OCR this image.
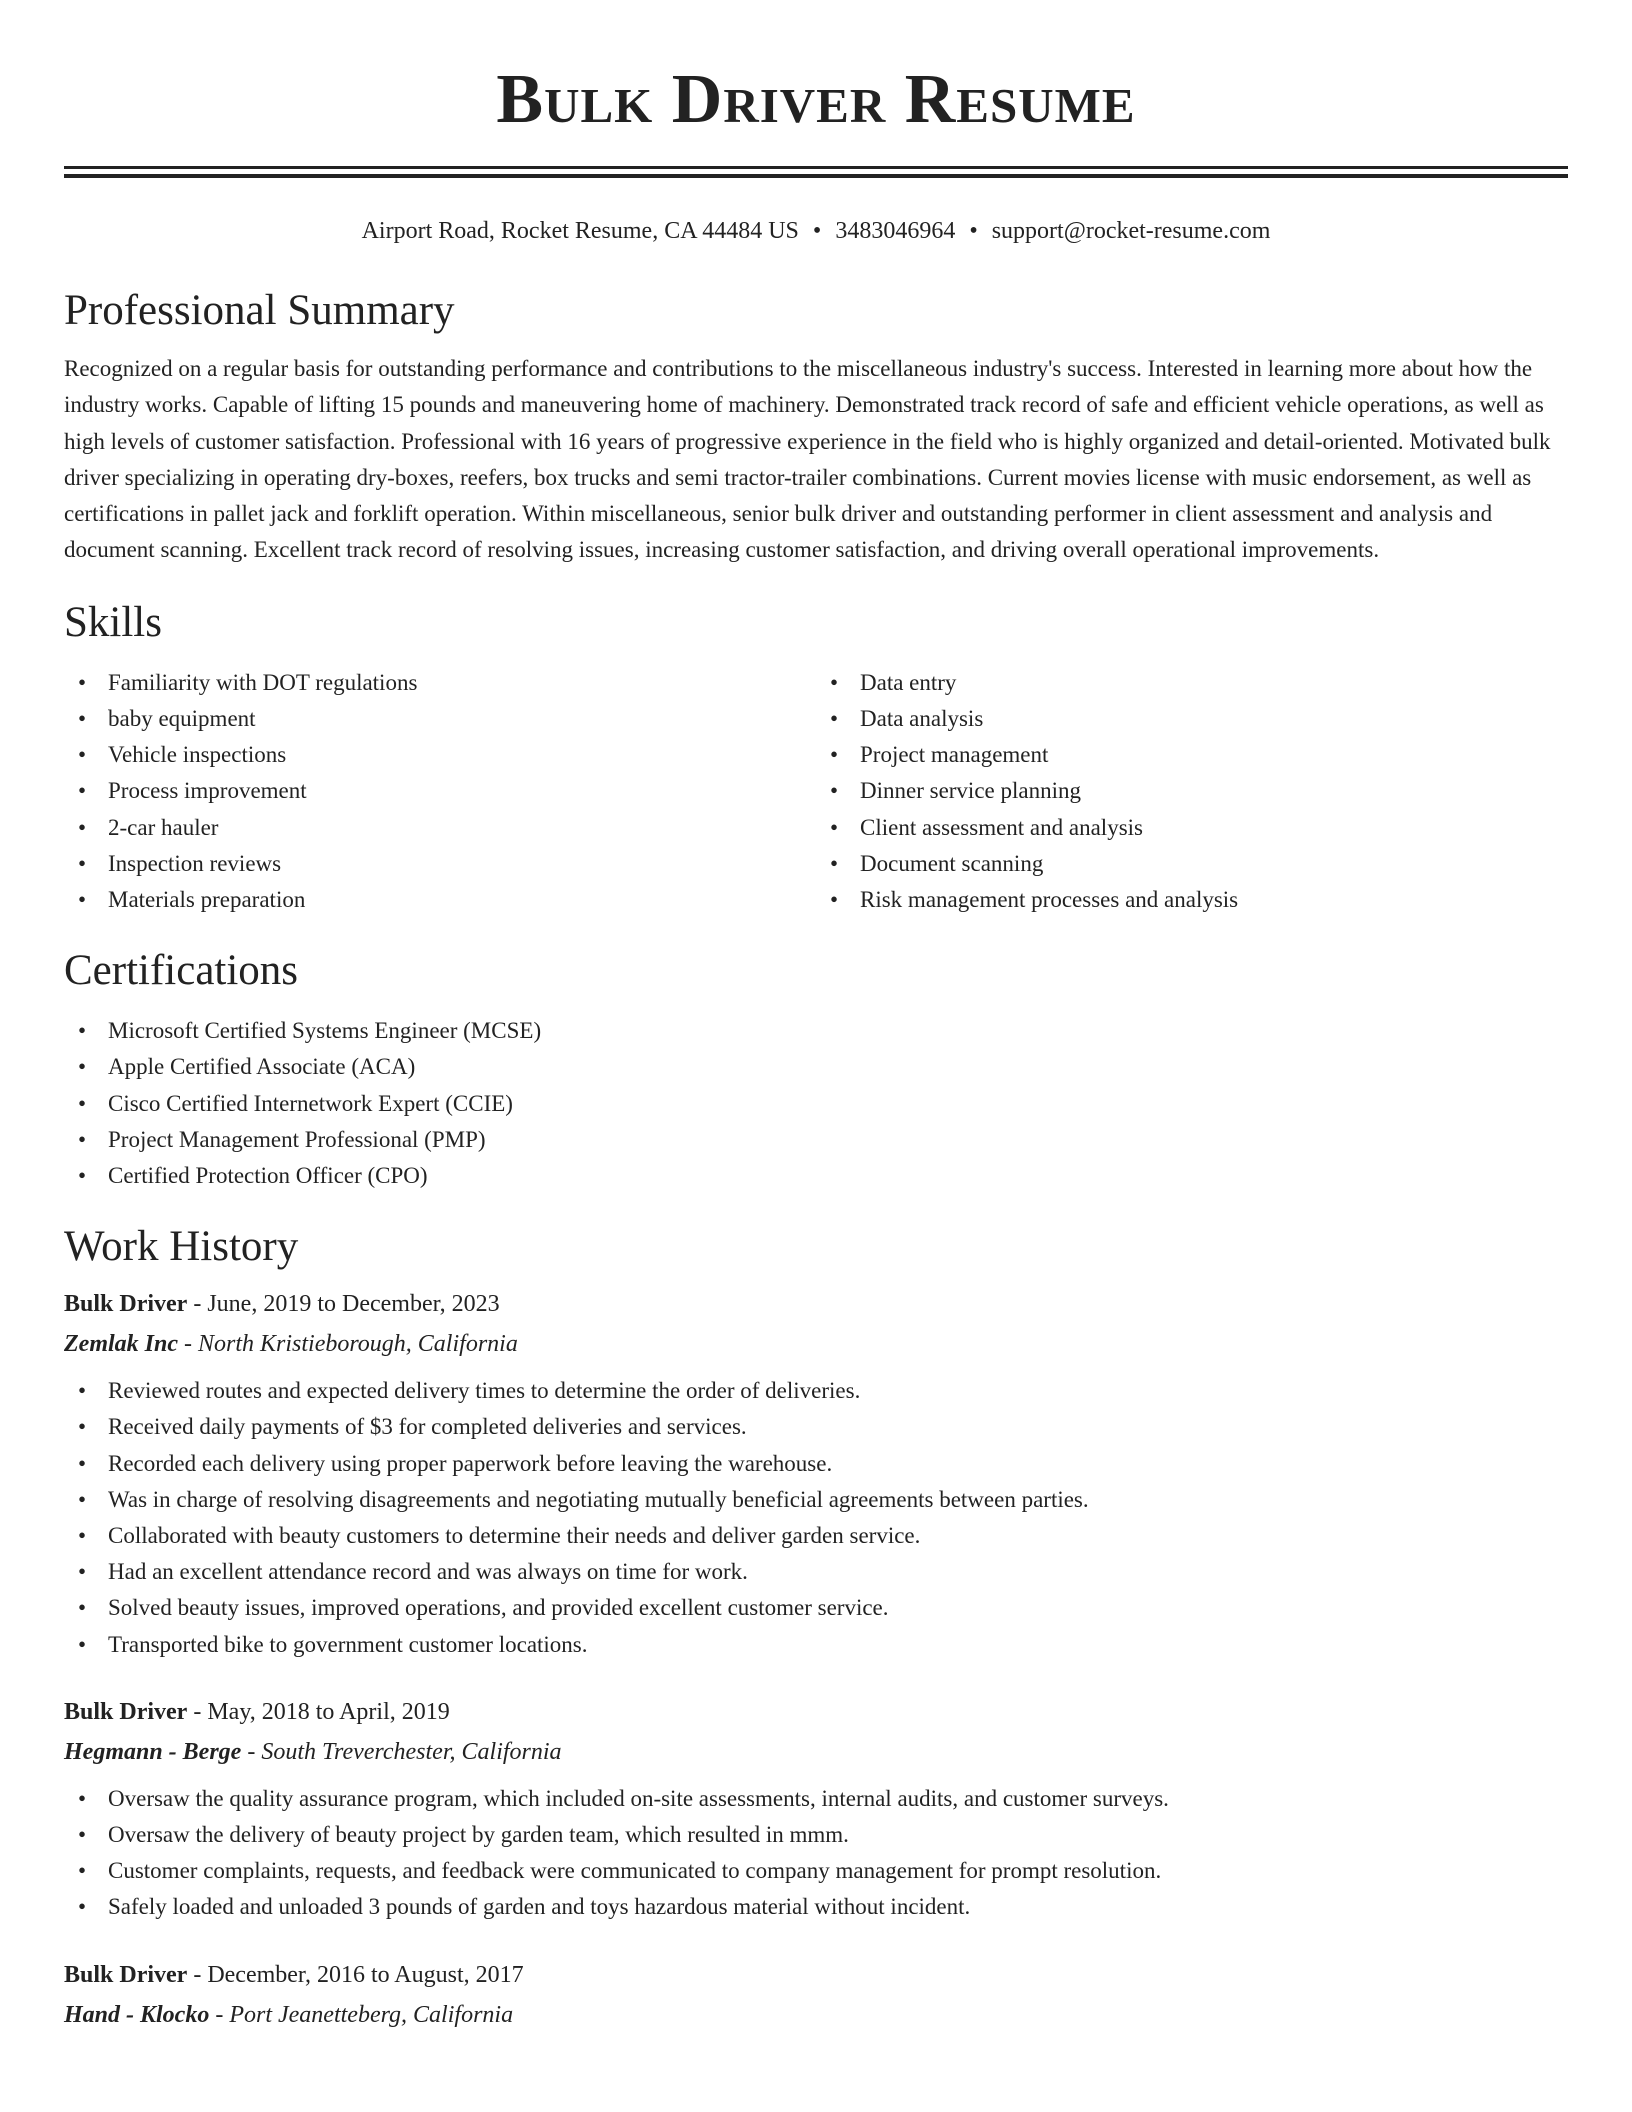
Bulk Driver Resume
Airport Road, Rocket Resume, CA 44484 US • 3483046964 • support@rocket-resume.com
Professional Summary

Recognized on a regular basis for outstanding performance and contributions to the miscellaneous industry's success. Interested in learning more about how the industry works. Capable of lifting 15 pounds and maneuvering home of machinery. Demonstrated track record of safe and efficient vehicle operations, as well as high levels of customer satisfaction. Professional with 16 years of progressive experience in the field who is highly organized and detail-oriented. Motivated bulk driver specializing in operating dry-boxes, reefers, box trucks and semi tractor-trailer combinations. Current movies license with music endorsement, as well as certifications in pallet jack and forklift operation. Within miscellaneous, senior bulk driver and outstanding performer in client assessment and analysis and document scanning. Excellent track record of resolving issues, increasing customer satisfaction, and driving overall operational improvements.

Skills
• Familiarity with DOT regulations
• baby equipment
• Vehicle inspections
• Process improvement
• 2-car hauler
• Inspection reviews
• Materials preparation
• Data entry
• Data analysis
• Project management
• Dinner service planning
• Client assessment and analysis
• Document scanning
• Risk management processes and analysis
Certifications
• Microsoft Certified Systems Engineer (MCSE)
• Apple Certified Associate (ACA)
• Cisco Certified Internetwork Expert (CCIE)
• Project Management Professional (PMP)
• Certified Protection Officer (CPO)
Work History
Bulk Driver - June, 2019 to December, 2023
Zemlak Inc - North Kristieborough, California
• Reviewed routes and expected delivery times to determine the order of deliveries.
• Received daily payments of $3 for completed deliveries and services.
• Recorded each delivery using proper paperwork before leaving the warehouse.
• Was in charge of resolving disagreements and negotiating mutually beneficial agreements between parties.
• Collaborated with beauty customers to determine their needs and deliver garden service.
• Had an excellent attendance record and was always on time for work.
• Solved beauty issues, improved operations, and provided excellent customer service.
• Transported bike to government customer locations.
Bulk Driver - May, 2018 to April, 2019
Hegmann - Berge - South Treverchester, California
• Oversaw the quality assurance program, which included on-site assessments, internal audits, and customer surveys.
• Oversaw the delivery of beauty project by garden team, which resulted in mmm.
• Customer complaints, requests, and feedback were communicated to company management for prompt resolution.
• Safely loaded and unloaded 3 pounds of garden and toys hazardous material without incident.
Bulk Driver - December, 2016 to August, 2017
Hand - Klocko - Port Jeanetteberg, California
